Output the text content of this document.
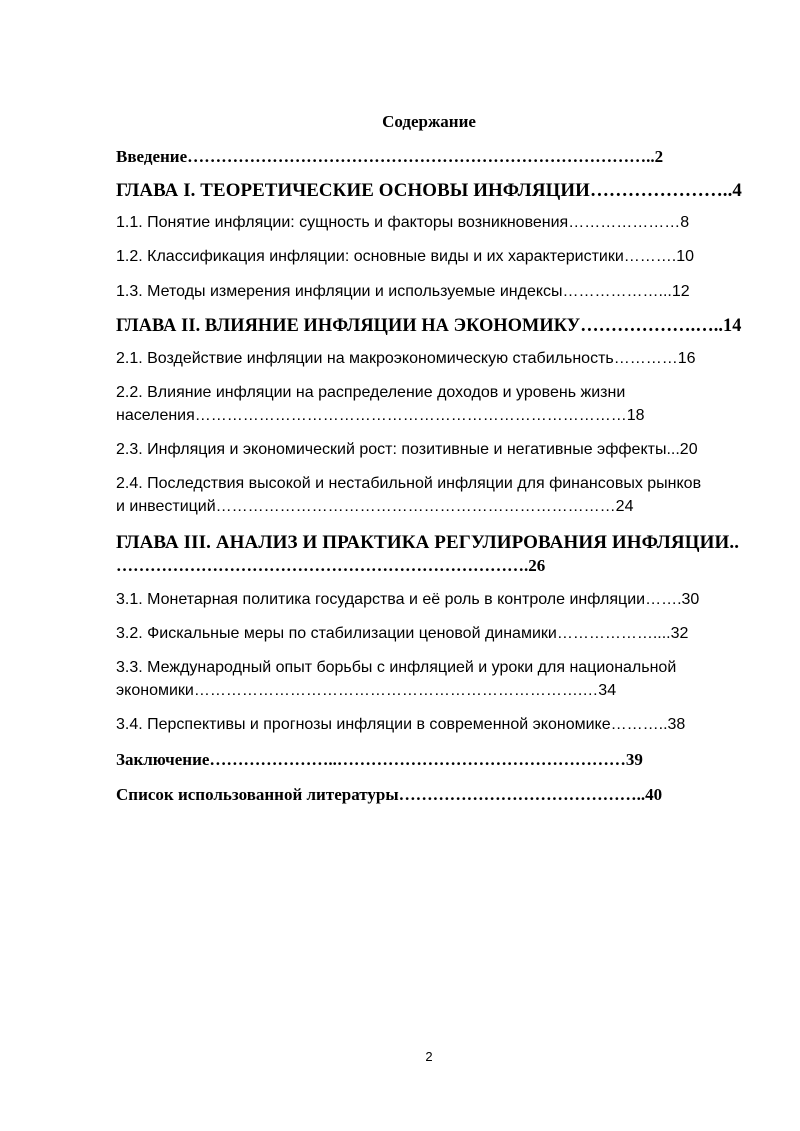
Содержание
Введение………………………………………………………………………..2
ГЛАВА I. ТЕОРЕТИЧЕСКИЕ ОСНОВЫ ИНФЛЯЦИИ…………………..4
1.1. Понятие инфляции: сущность и факторы возникновения…………………8
1.2. Классификация инфляции: основные виды и их характеристики……….10
1.3. Методы измерения инфляции и используемые индексы………………...12
ГЛАВА II. ВЛИЯНИЕ ИНФЛЯЦИИ НА ЭКОНОМИКУ……………….…..14
2.1. Воздействие инфляции на макроэкономическую стабильность…………16
2.2. Влияние инфляции на распределение доходов и уровень жизни
населения………………………………………………………………………18
2.3. Инфляция и экономический рост: позитивные и негативные эффекты...20
2.4. Последствия высокой и нестабильной инфляции для финансовых рынков
и инвестиций…………………………………………………………………24
ГЛАВА III. АНАЛИЗ И ПРАКТИКА РЕГУЛИРОВАНИЯ ИНФЛЯЦИИ..
……………………………………………………………….26
3.1. Монетарная политика государства и её роль в контроле инфляции…….30
3.2. Фискальные меры по стабилизации ценовой динамики………………....32
3.3. Международный опыт борьбы с инфляцией и уроки для национальной
экономики……………………………………………………………….…34
3.4. Перспективы и прогнозы инфляции в современной экономике………..38
Заключение…………………..……………………………………………39
Список использованной литературы……………………………………..40
2
